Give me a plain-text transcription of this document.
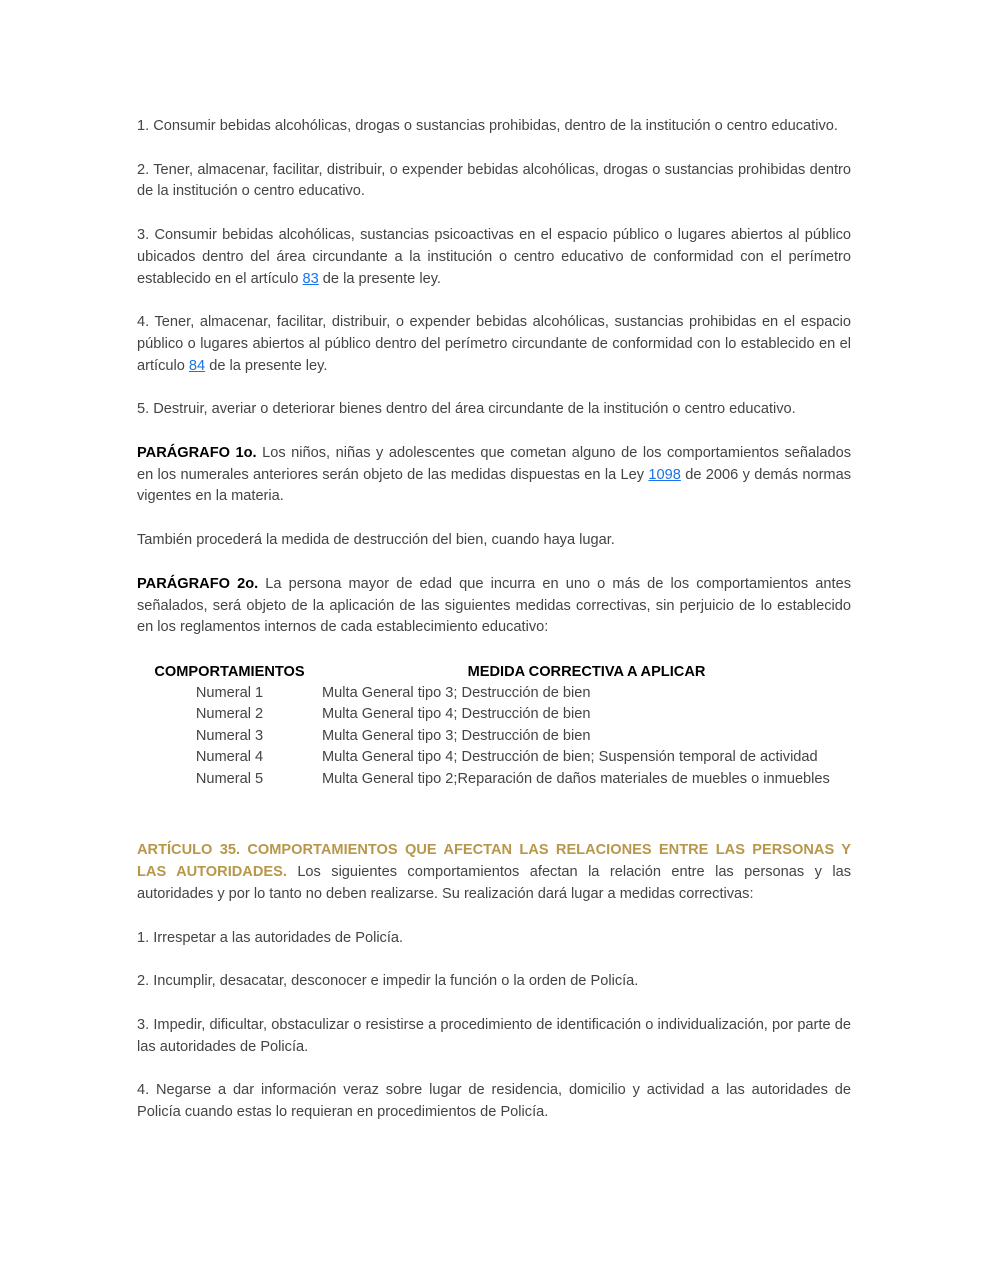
1. Consumir bebidas alcohólicas, drogas o sustancias prohibidas, dentro de la institución o centro educativo.

2. Tener, almacenar, facilitar, distribuir, o expender bebidas alcohólicas, drogas o sustancias prohibidas dentro de la institución o centro educativo.

3. Consumir bebidas alcohólicas, sustancias psicoactivas en el espacio público o lugares abiertos al público ubicados dentro del área circundante a la institución o centro educativo de conformidad con el perímetro establecido en el artículo 83 de la presente ley.

4. Tener, almacenar, facilitar, distribuir, o expender bebidas alcohólicas, sustancias prohibidas en el espacio público o lugares abiertos al público dentro del perímetro circundante de conformidad con lo establecido en el artículo 84 de la presente ley.

5. Destruir, averiar o deteriorar bienes dentro del área circundante de la institución o centro educativo.

PARÁGRAFO 1o. Los niños, niñas y adolescentes que cometan alguno de los comportamientos señalados en los numerales anteriores serán objeto de las medidas dispuestas en la Ley 1098 de 2006 y demás normas vigentes en la materia.

También procederá la medida de destrucción del bien, cuando haya lugar.

PARÁGRAFO 2o. La persona mayor de edad que incurra en uno o más de los comportamientos antes señalados, será objeto de la aplicación de las siguientes medidas correctivas, sin perjuicio de lo establecido en los reglamentos internos de cada establecimiento educativo:

COMPORTAMIENTOS	MEDIDA CORRECTIVA A APLICAR
Numeral 1	Multa General tipo 3; Destrucción de bien
Numeral 2	Multa General tipo 4; Destrucción de bien
Numeral 3	Multa General tipo 3; Destrucción de bien
Numeral 4	Multa General tipo 4; Destrucción de bien; Suspensión temporal de actividad
Numeral 5	Multa General tipo 2;Reparación de daños materiales de muebles o inmuebles

ARTÍCULO 35. COMPORTAMIENTOS QUE AFECTAN LAS RELACIONES ENTRE LAS PERSONAS Y LAS AUTORIDADES. Los siguientes comportamientos afectan la relación entre las personas y las autoridades y por lo tanto no deben realizarse. Su realización dará lugar a medidas correctivas:

1. Irrespetar a las autoridades de Policía.

2. Incumplir, desacatar, desconocer e impedir la función o la orden de Policía.

3. Impedir, dificultar, obstaculizar o resistirse a procedimiento de identificación o individualización, por parte de las autoridades de Policía.

4. Negarse a dar información veraz sobre lugar de residencia, domicilio y actividad a las autoridades de Policía cuando estas lo requieran en procedimientos de Policía.
